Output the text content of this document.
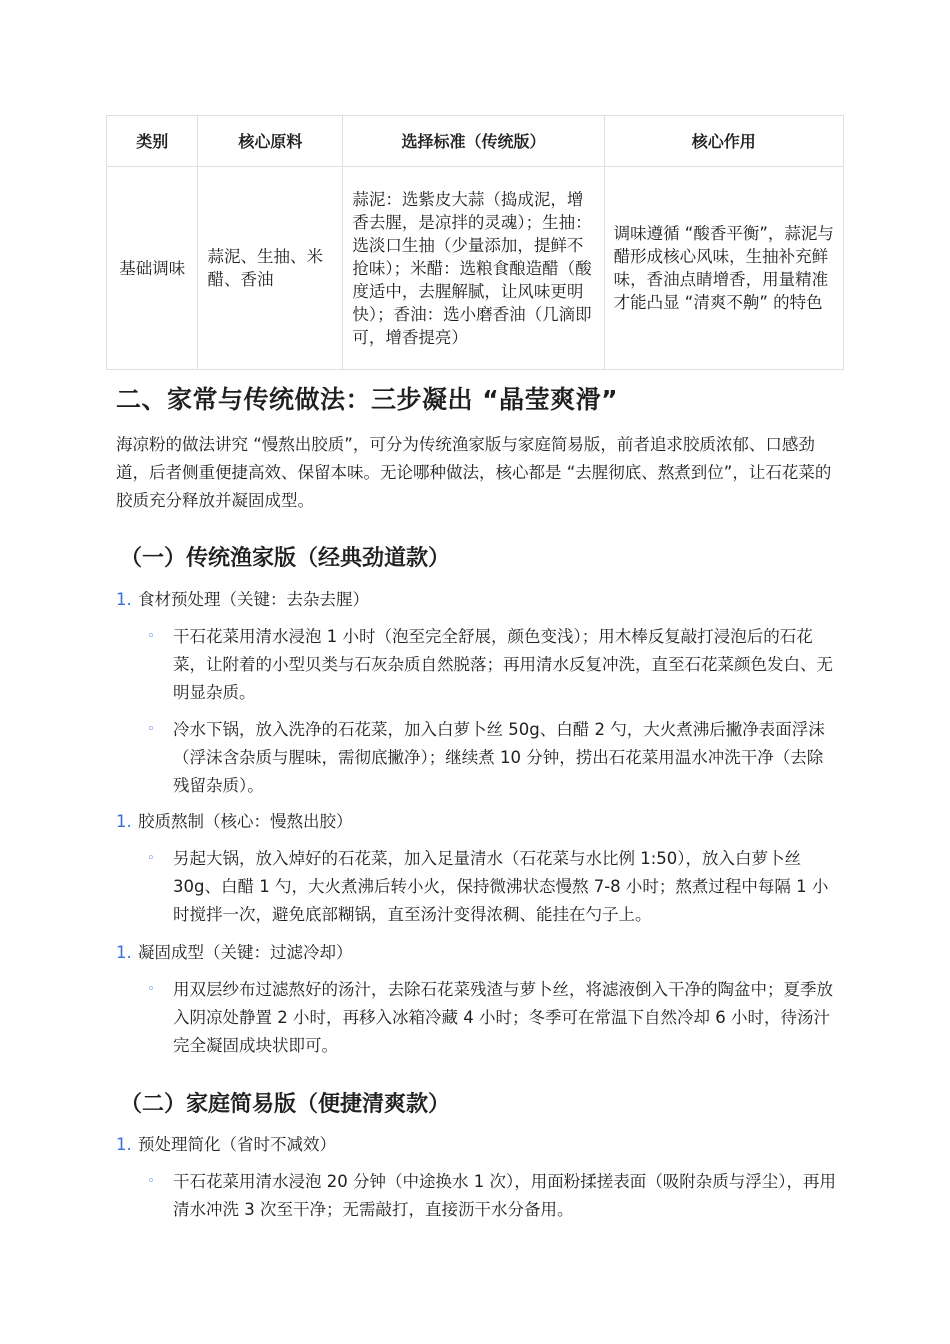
类别	核心原料	选择标准（传统版）	核心作用
基础调味	蒜泥、生抽、米醋、香油	蒜泥：选紫皮大蒜（捣成泥，增香去腥，是凉拌的灵魂）；生抽：选淡口生抽（少量添加，提鲜不抢味）；米醋：选粮食酿造醋（酸度适中，去腥解腻，让风味更明快）；香油：选小磨香油（几滴即可，增香提亮）	调味遵循 “酸香平衡”，蒜泥与醋形成核心风味，生抽补充鲜味，香油点睛增香，用量精准才能凸显 “清爽不齁” 的特色
二、家常与传统做法：三步凝出 “晶莹爽滑”

海凉粉的做法讲究 “慢熬出胶质”，可分为传统渔家版与家庭简易版，前者追求胶质浓郁、口感劲道，后者侧重便捷高效、保留本味。无论哪种做法，核心都是 “去腥彻底、熬煮到位”，让石花菜的胶质充分释放并凝固成型。

（一）传统渔家版（经典劲道款）
1. 食材预处理（关键：去杂去腥）
◦ 干石花菜用清水浸泡 1 小时（泡至完全舒展，颜色变浅）；用木棒反复敲打浸泡后的石花菜，让附着的小型贝类与石灰杂质自然脱落；再用清水反复冲洗，直至石花菜颜色发白、无明显杂质。
◦ 冷水下锅，放入洗净的石花菜，加入白萝卜丝 50g、白醋 2 勺，大火煮沸后撇净表面浮沫（浮沫含杂质与腥味，需彻底撇净）；继续煮 10 分钟，捞出石花菜用温水冲洗干净（去除残留杂质）。
1. 胶质熬制（核心：慢熬出胶）
◦ 另起大锅，放入焯好的石花菜，加入足量清水（石花菜与水比例 1:50），放入白萝卜丝 30g、白醋 1 勺，大火煮沸后转小火，保持微沸状态慢熬 7-8 小时；熬煮过程中每隔 1 小时搅拌一次，避免底部糊锅，直至汤汁变得浓稠、能挂在勺子上。
1. 凝固成型（关键：过滤冷却）
◦ 用双层纱布过滤熬好的汤汁，去除石花菜残渣与萝卜丝，将滤液倒入干净的陶盆中；夏季放入阴凉处静置 2 小时，再移入冰箱冷藏 4 小时；冬季可在常温下自然冷却 6 小时，待汤汁完全凝固成块状即可。
（二）家庭简易版（便捷清爽款）
1. 预处理简化（省时不减效）
◦ 干石花菜用清水浸泡 20 分钟（中途换水 1 次），用面粉揉搓表面（吸附杂质与浮尘），再用清水冲洗 3 次至干净；无需敲打，直接沥干水分备用。
